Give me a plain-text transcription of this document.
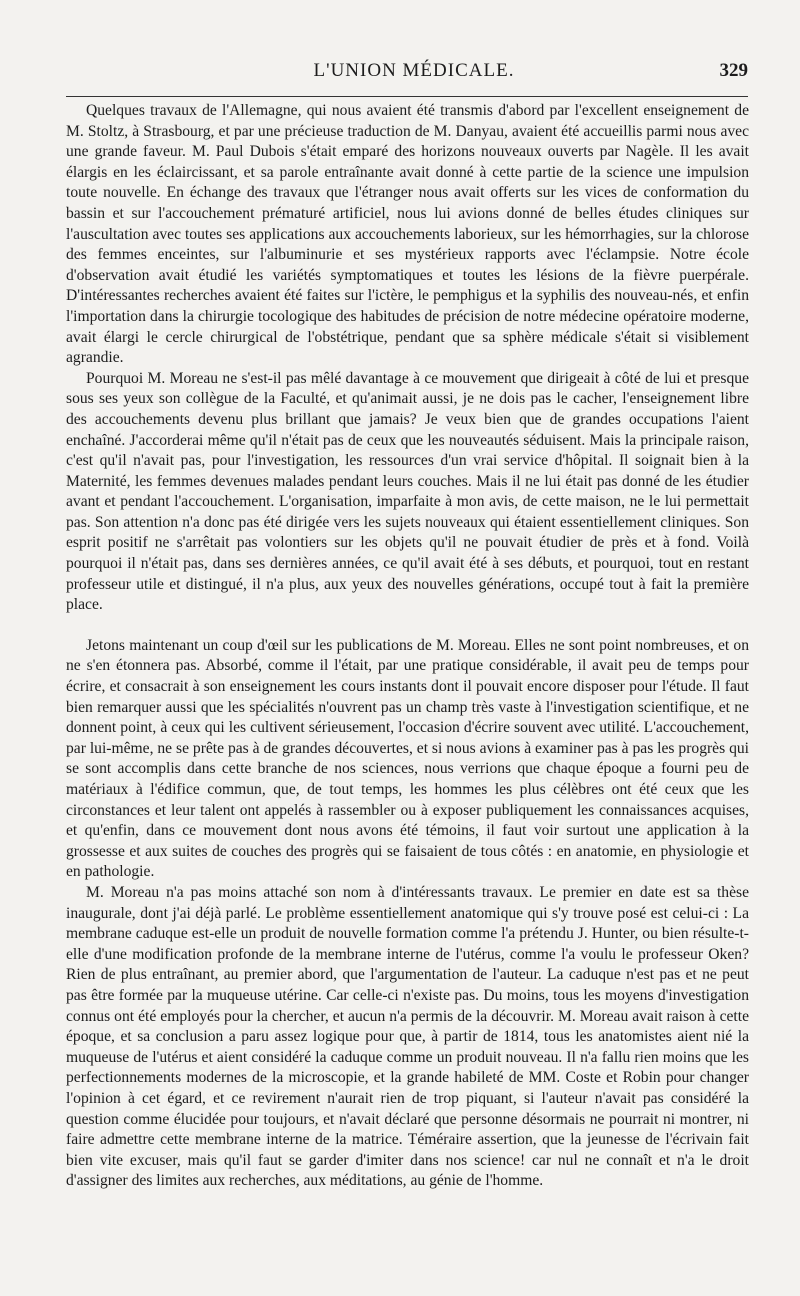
L'UNION MÉDICALE.	329

Quelques travaux de l'Allemagne, qui nous avaient été transmis d'abord par l'excellent enseignement de M. Stoltz, à Strasbourg, et par une précieuse traduction de M. Danyau, avaient été accueillis parmi nous avec une grande faveur. M. Paul Dubois s'était emparé des horizons nouveaux ouverts par Nagèle. Il les avait élargis en les éclaircissant, et sa parole entraînante avait donné à cette partie de la science une impulsion toute nouvelle. En échange des travaux que l'étranger nous avait offerts sur les vices de conformation du bassin et sur l'accouchement prématuré artificiel, nous lui avions donné de belles études cliniques sur l'auscultation avec toutes ses applications aux accouchements laborieux, sur les hémorrhagies, sur la chlorose des femmes enceintes, sur l'albuminurie et ses mystérieux rapports avec l'éclampsie. Notre école d'observation avait étudié les variétés symptomatiques et toutes les lésions de la fièvre puerpérale. D'intéressantes recherches avaient été faites sur l'ictère, le pemphigus et la syphilis des nouveau-nés, et enfin l'importation dans la chirurgie tocologique des habitudes de précision de notre médecine opératoire moderne, avait élargi le cercle chirurgical de l'obstétrique, pendant que sa sphère médicale s'était si visiblement agrandie.

Pourquoi M. Moreau ne s'est-il pas mêlé davantage à ce mouvement que dirigeait à côté de lui et presque sous ses yeux son collègue de la Faculté, et qu'animait aussi, je ne dois pas le cacher, l'enseignement libre des accouchements devenu plus brillant que jamais? Je veux bien que de grandes occupations l'aient enchaîné. J'accorderai même qu'il n'était pas de ceux que les nouveautés séduisent. Mais la principale raison, c'est qu'il n'avait pas, pour l'investigation, les ressources d'un vrai service d'hôpital. Il soignait bien à la Maternité, les femmes devenues malades pendant leurs couches. Mais il ne lui était pas donné de les étudier avant et pendant l'accouchement. L'organisation, imparfaite à mon avis, de cette maison, ne le lui permettait pas. Son attention n'a donc pas été dirigée vers les sujets nouveaux qui étaient essentiellement cliniques. Son esprit positif ne s'arrêtait pas volontiers sur les objets qu'il ne pouvait étudier de près et à fond. Voilà pourquoi il n'était pas, dans ses dernières années, ce qu'il avait été à ses débuts, et pourquoi, tout en restant professeur utile et distingué, il n'a plus, aux yeux des nouvelles générations, occupé tout à fait la première place.

Jetons maintenant un coup d'œil sur les publications de M. Moreau. Elles ne sont point nombreuses, et on ne s'en étonnera pas. Absorbé, comme il l'était, par une pratique considérable, il avait peu de temps pour écrire, et consacrait à son enseignement les cours instants dont il pouvait encore disposer pour l'étude. Il faut bien remarquer aussi que les spécialités n'ouvrent pas un champ très vaste à l'investigation scientifique, et ne donnent point, à ceux qui les cultivent sérieusement, l'occasion d'écrire souvent avec utilité. L'accouchement, par lui-même, ne se prête pas à de grandes découvertes, et si nous avions à examiner pas à pas les progrès qui se sont accomplis dans cette branche de nos sciences, nous verrions que chaque époque a fourni peu de matériaux à l'édifice commun, que, de tout temps, les hommes les plus célèbres ont été ceux que les circonstances et leur talent ont appelés à rassembler ou à exposer publiquement les connaissances acquises, et qu'enfin, dans ce mouvement dont nous avons été témoins, il faut voir surtout une application à la grossesse et aux suites de couches des progrès qui se faisaient de tous côtés : en anatomie, en physiologie et en pathologie.

M. Moreau n'a pas moins attaché son nom à d'intéressants travaux. Le premier en date est sa thèse inaugurale, dont j'ai déjà parlé. Le problème essentiellement anatomique qui s'y trouve posé est celui-ci : La membrane caduque est-elle un produit de nouvelle formation comme l'a prétendu J. Hunter, ou bien résulte-t-elle d'une modification profonde de la membrane interne de l'utérus, comme l'a voulu le professeur Oken? Rien de plus entraînant, au premier abord, que l'argumentation de l'auteur. La caduque n'est pas et ne peut pas être formée par la muqueuse utérine. Car celle-ci n'existe pas. Du moins, tous les moyens d'investigation connus ont été employés pour la chercher, et aucun n'a permis de la découvrir. M. Moreau avait raison à cette époque, et sa conclusion a paru assez logique pour que, à partir de 1814, tous les anatomistes aient nié la muqueuse de l'utérus et aient considéré la caduque comme un produit nouveau. Il n'a fallu rien moins que les perfectionnements modernes de la microscopie, et la grande habileté de MM. Coste et Robin pour changer l'opinion à cet égard, et ce revirement n'aurait rien de trop piquant, si l'auteur n'avait pas considéré la question comme élucidée pour toujours, et n'avait déclaré que personne désormais ne pourrait ni montrer, ni faire admettre cette membrane interne de la matrice. Téméraire assertion, que la jeunesse de l'écrivain fait bien vite excuser, mais qu'il faut se garder d'imiter dans nos science! car nul ne connaît et n'a le droit d'assigner des limites aux recherches, aux méditations, au génie de l'homme.
